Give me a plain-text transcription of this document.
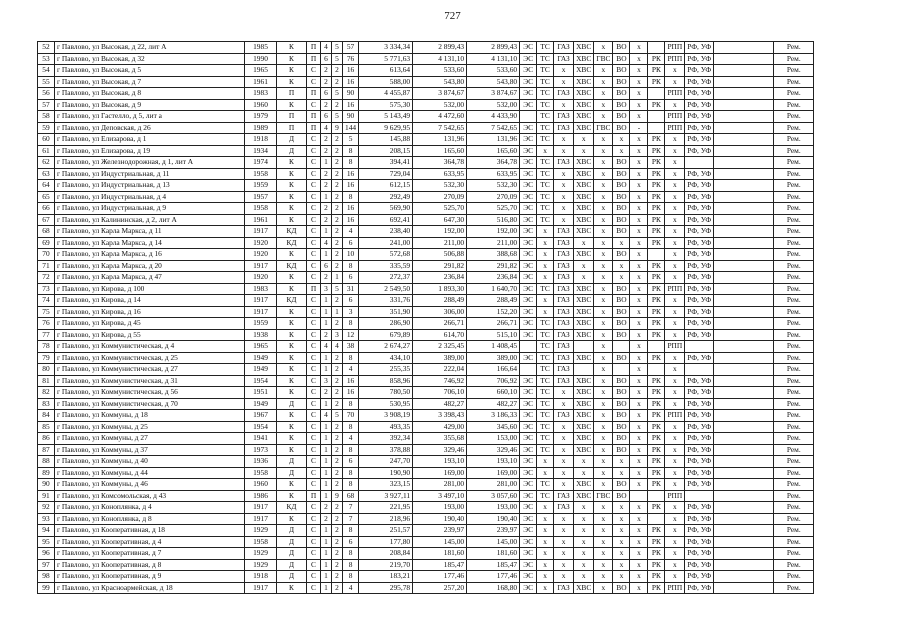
727
52	г Павлово, ул Высокая, д 22, лит А	1985	К	П	4	5	57	3 334,34	2 899,43	2 899,43	ЭС	ТС	ГАЗ	ХВС	х	ВО	х		РПП	РФ, УФ		Рем.
53	г Павлово, ул Высокая, д 32	1990	К	П	6	5	76	5 771,63	4 131,10	4 131,10	ЭС	ТС	ГАЗ	ХВС	ГВС	ВО	х	РК	РПП	РФ, УФ		Рем.
54	г Павлово, ул Высокая, д 5	1965	К	С	2	2	16	613,64	533,60	533,60	ЭС	ТС	х	ХВС	х	ВО	х	РК	х	РФ, УФ		Рем.
55	г Павлово, ул Высокая, д 7	1961	К	С	2	2	16	588,00	543,80	543,80	ЭС	ТС	х	ХВС	х	ВО	х	РК	х	РФ, УФ		Рем.
56	г Павлово, ул Высокая, д 8	1983	П	П	6	5	90	4 455,87	3 874,67	3 874,67	ЭС	ТС	ГАЗ	ХВС	х	ВО	х		РПП	РФ, УФ		Рем.
57	г Павлово, ул Высокая, д 9	1960	К	С	2	2	16	575,30	532,00	532,00	ЭС	ТС	х	ХВС	х	ВО	х	РК	х	РФ, УФ		Рем.
58	г Павлово, ул Гастелло, д 5, лит а	1979	П	П	6	5	90	5 143,49	4 472,60	4 433,90		ТС	ГАЗ	ХВС	х	ВО	х		РПП	РФ, УФ		Рем.
59	г Павлово, ул Деповская, д 26	1989	П	П	4	9	144	9 629,95	7 542,65	7 542,65	ЭС	ТС	ГАЗ	ХВС	ГВС	ВО	-		РПП	РФ, УФ		Рем.
60	г Павлово, ул Елизарова, д 1	1918	Д	С	2	2	5	145,88	131,96	131,96	ЭС	ТС	х	х	х	х	х	РК	х	РФ, УФ		Рем.
61	г Павлово, ул Елизарова, д 19	1934	Д	С	2	2	8	208,15	165,60	165,60	ЭС	х	х	х	х	х	х	РК	х	РФ, УФ		Рем.
62	г Павлово, ул Железнодорожная, д 1, лит А	1974	К	С	1	2	8	394,41	364,78	364,78	ЭС	ТС	ГАЗ	ХВС	х	ВО	х	РК	х			Рем.
63	г Павлово, ул Индустриальная, д 11	1958	К	С	2	2	16	729,04	633,95	633,95	ЭС	ТС	х	ХВС	х	ВО	х	РК	х	РФ, УФ		Рем.
64	г Павлово, ул Индустриальная, д 13	1959	К	С	2	2	16	612,15	532,30	532,30	ЭС	ТС	х	ХВС	х	ВО	х	РК	х	РФ, УФ		Рем.
65	г Павлово, ул Индустриальная, д 4	1957	К	С	1	2	8	292,49	270,09	270,09	ЭС	ТС	х	ХВС	х	ВО	х	РК	х	РФ, УФ		Рем.
66	г Павлово, ул Индустриальная, д 9	1958	К	С	2	2	16	569,90	525,70	525,70	ЭС	ТС	х	ХВС	х	ВО	х	РК	х	РФ, УФ		Рем.
67	г Павлово, ул Калининская, д 2, лит А	1961	К	С	2	2	16	692,41	647,30	516,80	ЭС	ТС	х	ХВС	х	ВО	х	РК	х	РФ, УФ		Рем.
68	г Павлово, ул Карла Маркса, д 11	1917	КД	С	1	2	4	238,40	192,00	192,00	ЭС	х	ГАЗ	ХВС	х	ВО	х	РК	х	РФ, УФ		Рем.
69	г Павлово, ул Карла Маркса, д 14	1920	КД	С	4	2	6	241,00	211,00	211,00	ЭС	х	ГАЗ	х	х	х	х	РК	х	РФ, УФ		Рем.
70	г Павлово, ул Карла Маркса, д 16	1920	К	С	1	2	10	572,68	506,88	388,68	ЭС	х	ГАЗ	ХВС	х	ВО	х		х	РФ, УФ		Рем.
71	г Павлово, ул Карла Маркса, д 20	1917	КД	С	6	2	8	335,59	291,82	291,82	ЭС	х	ГАЗ	х	х	х	х	РК	х	РФ, УФ		Рем.
72	г Павлово, ул Карла Маркса, д 47	1920	К	С	2	1	6	272,37	236,84	236,84	ЭС	х	ГАЗ	х	х	х	х	РК	х	РФ, УФ		Рем.
73	г Павлово, ул Кирова, д 100	1983	К	П	3	5	31	2 549,50	1 893,30	1 640,70	ЭС	ТС	ГАЗ	ХВС	х	ВО	х	РК	РПП	РФ, УФ		Рем.
74	г Павлово, ул Кирова, д 14	1917	КД	С	1	2	6	331,76	288,49	288,49	ЭС	х	ГАЗ	ХВС	х	ВО	х	РК	х	РФ, УФ		Рем.
75	г Павлово, ул Кирова, д 16	1917	К	С	1	1	3	351,90	306,00	152,20	ЭС	х	ГАЗ	ХВС	х	ВО	х	РК	х	РФ, УФ		Рем.
76	г Павлово, ул Кирова, д 45	1959	К	С	1	2	8	286,90	266,71	266,71	ЭС	ТС	ГАЗ	ХВС	х	ВО	х	РК	х	РФ, УФ		Рем.
77	г Павлово, ул Кирова, д 55	1938	К	С	2	3	12	679,89	614,70	515,10	ЭС	ТС	ГАЗ	ХВС	х	ВО	х	РК	х	РФ, УФ		Рем.
78	г Павлово, ул Коммунистическая, д 4	1965	К	С	4	4	38	2 674,27	2 325,45	1 408,45		ТС	ГАЗ		х		х		РПП			Рем.
79	г Павлово, ул Коммунистическая, д 25	1949	К	С	1	2	8	434,10	389,00	389,00	ЭС	ТС	ГАЗ	ХВС	х	ВО	х	РК	х	РФ, УФ		Рем.
80	г Павлово, ул Коммунистическая, д 27	1949	К	С	1	2	4	255,35	222,04	166,64		ТС	ГАЗ		х		х		х			Рем.
81	г Павлово, ул Коммунистическая, д 31	1954	К	С	3	2	16	858,96	746,92	706,92	ЭС	ТС	ГАЗ	ХВС	х	ВО	х	РК	х	РФ, УФ		Рем.
82	г Павлово, ул Коммунистическая, д 56	1951	К	С	2	2	16	780,50	706,10	660,10	ЭС	ТС	х	ХВС	х	ВО	х	РК	х	РФ, УФ		Рем.
83	г Павлово, ул Коммунистическая, д 70	1949	Д	С	1	2	8	530,95	482,27	482,27	ЭС	ТС	х	ХВС	х	ВО	х	РК	х	РФ, УФ		Рем.
84	г Павлово, ул Коммуны, д 18	1967	К	С	4	5	70	3 908,19	3 398,43	3 186,33	ЭС	ТС	ГАЗ	ХВС	х	ВО	х	РК	РПП	РФ, УФ		Рем.
85	г Павлово, ул Коммуны, д 25	1954	К	С	1	2	8	493,35	429,00	345,60	ЭС	ТС	х	ХВС	х	ВО	х	РК	х	РФ, УФ		Рем.
86	г Павлово, ул Коммуны, д 27	1941	К	С	1	2	4	392,34	355,68	153,00	ЭС	ТС	х	ХВС	х	ВО	х	РК	х	РФ, УФ		Рем.
87	г Павлово, ул Коммуны, д 37	1973	К	С	1	2	8	378,88	329,46	329,46	ЭС	ТС	х	ХВС	х	ВО	х	РК	х	РФ, УФ		Рем.
88	г Павлово, ул Коммуны, д 40	1936	Д	С	1	2	6	247,70	193,10	193,10	ЭС	х	х	х	х	х	х	РК	х	РФ, УФ		Рем.
89	г Павлово, ул Коммуны, д 44	1958	Д	С	1	2	8	190,90	169,00	169,00	ЭС	х	х	х	х	х	х	РК	х	РФ, УФ		Рем.
90	г Павлово, ул Коммуны, д 46	1960	К	С	1	2	8	323,15	281,00	281,00	ЭС	ТС	х	ХВС	х	ВО	х	РК	х	РФ, УФ		Рем.
91	г Павлово, ул Комсомольская, д 43	1986	К	П	1	9	68	3 927,11	3 497,10	3 057,60	ЭС	ТС	ГАЗ	ХВС	ГВС	ВО			РПП			Рем.
92	г Павлово, ул Коноплянка, д 4	1917	КД	С	2	2	7	221,95	193,00	193,00	ЭС	х	ГАЗ	х	х	х	х	РК	х	РФ, УФ		Рем.
93	г Павлово, ул Коноплянка, д 8	1917	К	С	2	2	7	218,96	190,40	190,40	ЭС	х	х	х	х	х	х		х	РФ, УФ		Рем.
94	г Павлово, ул Кооперативная, д 18	1929	Д	С	1	2	8	251,57	239,97	239,97	ЭС	х	х	х	х	х	х	РК	х	РФ, УФ		Рем.
95	г Павлово, ул Кооперативная, д 4	1958	Д	С	1	2	6	177,80	145,00	145,00	ЭС	х	х	х	х	х	х	РК	х	РФ, УФ		Рем.
96	г Павлово, ул Кооперативная, д 7	1929	Д	С	1	2	8	208,84	181,60	181,60	ЭС	х	х	х	х	х	х	РК	х	РФ, УФ		Рем.
97	г Павлово, ул Кооперативная, д 8	1929	Д	С	1	2	8	219,70	185,47	185,47	ЭС	х	х	х	х	х	х	РК	х	РФ, УФ		Рем.
98	г Павлово, ул Кооперативная, д 9	1918	Д	С	1	2	8	183,21	177,46	177,46	ЭС	х	х	х	х	х	х	РК	х	РФ, УФ		Рем.
99	г Павлово, ул Красноармейская, д 18	1917	К	С	1	2	4	295,78	257,20	168,80	ЭС	х	ГАЗ	ХВС	х	ВО	х	РК	РПП	РФ, УФ		Рем.
